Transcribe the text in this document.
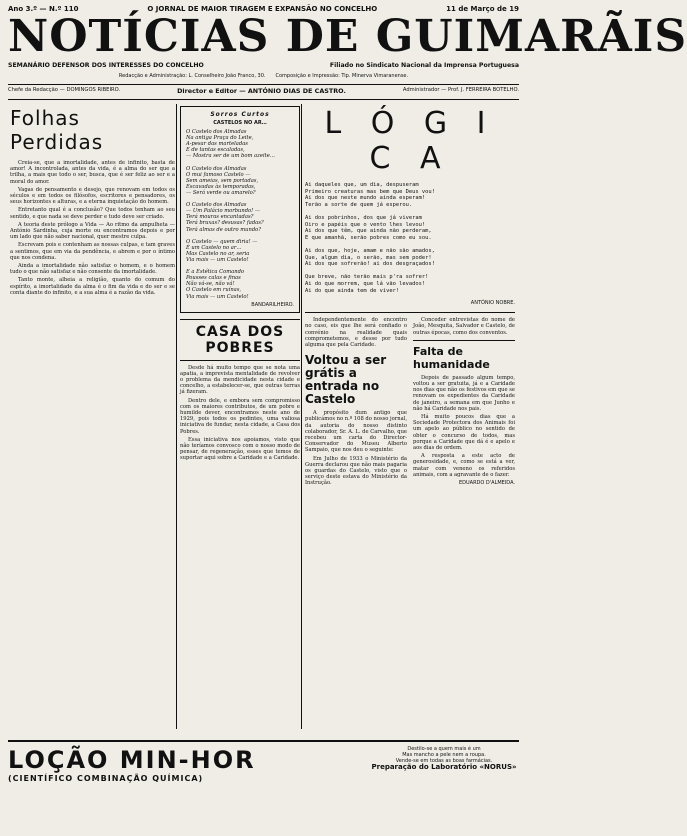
Ano 3.º — N.º 110	O JORNAL DE MAIOR TIRAGEM E EXPANSÃO NO CONCELHO	11 de Março de 19
NOTÍCIAS DE GUIMARÃIS
SEMANÁRIO DEFENSOR DOS INTERESSES DO CONCELHO	Filiado no Sindicato Nacional da Imprensa Portuguesa
Redacção e Administração: L. Conselheiro João Franco, 30. Composição e Impressão: Tip. Minerva Vimaranense.
Chefe da Redacção — DOMINGOS RIBEIRO.	Director e Editor — ANTÓNIO DIAS DE CASTRO.	Administrador — Prof. J. FERREIRA BOTELHO.
Folhas Perdidas

Creia-se, que a imortalidade, antes de infinito, basta de amor! A incontrolada, antes da vida, é a alma do ser que a trilha, a mais que todo o ser, busca, que é ser feliz ao ser e a moral do amor.

Vagas de pensamento e desejo, que renovam em todos os séculos e em todos os filósofos, escritores e pensadores, os seus horizontes e alturas, e a eterna inquietação do homem.

Entretanto qual é a conclusão? Que todos tenham ao seu sentido, e que nada se deve perder e tudo deve ser criado.

A teoria deste prólogo a Vida — Ao ritmo da ampulheta — António Sardinha, cuja morte ou encontramos depois e por um lado que não saber nacional, quer mestre culpa.

Escrevam pois e contenham as nossas culpas, e tam graves a sentimos, que em via da pendência, e abrem e por o íntimo que nos condena.

Ainda a imortalidade não satisfaz o homem, e o homem tudo o que não satisfaz e não consente da imortalidade.

Tanto monte, alheia a religião, quanto do comum do espírito, a imortalidade da alma é o fim da vida e do ser e se conta diante do infinito, e a sua alma é a razão da vida.

Sorros Curtos
CASTELOS NO AR…
O Castelo dos Almadas
Na antiga Praça do Leite,
A-pesar das marteladas
E de tantas escaladas,
— Mostra ser de um bom azeite…

O Castelo dos Almadas
O mui famoso Castelo —
Sem ameias, sem portadas,
Escavadas às temporadas,
— Será verde ou amarelo?

O Castelo dos Almadas
— Um Palácio morbundo! —
Terá mouras encantadas?
Terá bruxas? desusas? fadas?
Terá almas de outro mundo?

O Castelo — quem diria! —
É um Castelo no ar…
Mas Castelo no ar, seria
Via mais — um Castelo!

E a Estética Comando
Pousses calas e finas
Não vá-se, não vá!
O Castelo em ruínas,
Via mais — um Castelo!
BANDARILHEIRO.
CASA DOS POBRES

Desde há muito tempo que se nota uma apatia, a imprevista mentalidade de revolver o problema da mendicidade nesta cidade e concelho, a estabelecer-se, que outras terras já fizeram.

Dentro dele, e embora sem compromisso com os maiores contributos, de um pobre e humilde dever, encontramos neste ano de 1929, pois todos os pedintes, uma valiosa iniciativa de fundar, nesta cidade, a Casa dos Pobres.

Essa iniciativa nos apoiamos, visto que não teríamos convosco com o nosso modo de pensar, de regeneração, esses que temos de suportar aqui sobre a Caridade e a Caridade.

L Ó G I C A
Ai daqueles que, um dia, despuseram
Primeiro creaturas mas bem que Deus vou!
Ai dos que neste mundo ainda esperam!
Terão a sorte de quem já esperou.

Ai dos pobrinhos, dos que já viveram
Oiro e papéis que o vento lhes levou!
Ai dos que têm, que ainda não perderam,
E que amanhã, serão pobres como eu sou.

Ai dos que, hoje, amam e não são amados,
Que, algum dia, o serão, mas sem poder!
Ai dos que sofrerão! ai dos desgraçados!

Que breve, não terão mais p'ra sofrer!
Ai do que morrem, que lá vão levados!
Ai do que ainda tem de viver!
ANTÓNIO NOBRE.

Independentemente do encontro no caso, eis que lhe será confiado o convénio na realidade quais comprometemos, e desse por tudo alguma que pela Caridade.

Voltou a ser grátis a entrada no Castelo

A propósito dum antigo que publicámos no n.º 108 do nosso jornal, da autoria do nosso distinto colaborador, Sr. A. L. de Carvalho, que recebeu um carta do Director-Conservador do Museu Alberto Sampaio, que nos deu o seguinte:

Em Julho de 1933 o Ministério da Guerra declarou que não mais pagaria os guardas do Castelo, visto que o serviço deste estava do Ministério da Instrução.

Conceder entrevistas do nome de João, Mesquita, Salvador e Castelo, de outras épocas, como dos conventos.

Falta de humanidade

Depois de passado algum tempo, voltou a ser gratuita, já e a Caridade nos dias que não os festivos em que se renovam os expedientes da Caridade de janeiro, a semana em que Junho e não há Caridade nos pais.

Há muito poucos dias que a Sociedade Protectora dos Animais foi um apelo ao público no sentido de obter o concurso de todos, mas porque a Caridade que dá é e apelo e aos dias de ordem.

A resposta a este acto de generosidade, e, como se está a ver, matar com veneno os referidos animais, com a agravante de o fazer.

EDUARDO D'ALMEIDA.
LOÇÃO MIN-HOR
(CIENTÍFICO COMBINAÇÃO QUÍMICA)
Destilo-se a quem mais é um
Mas mancho a pele nem a roupa.
Vende-se em todas as boas farmácias.
Preparação do Laboratório «NORUS»
